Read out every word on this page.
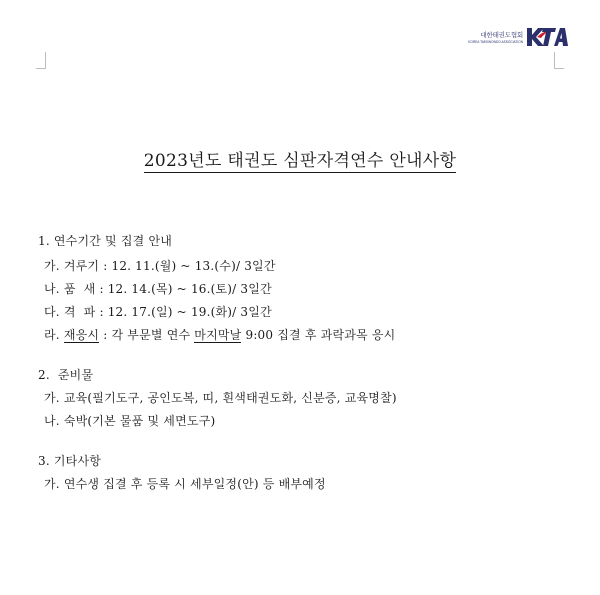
대한태권도협회
KOREA TAEKWONDO ASSOCIATION
2023년도 태권도 심판자격연수 안내사항
1. 연수기간 및 집결 안내
가. 겨루기 : 12. 11.(월) ~ 13.(수)/ 3일간
나. 품  새 : 12. 14.(목) ~ 16.(토)/ 3일간
다. 격  파 : 12. 17.(일) ~ 19.(화)/ 3일간
라. 재응시 : 각 부문별 연수 마지막날 9:00 집결 후 과락과목 응시
2.  준비물
가. 교육(필기도구, 공인도복, 띠, 흰색태권도화, 신분증, 교육명찰)
나. 숙박(기본 물품 및 세면도구)
3. 기타사항
가. 연수생 집결 후 등록 시 세부일정(안) 등 배부예정
